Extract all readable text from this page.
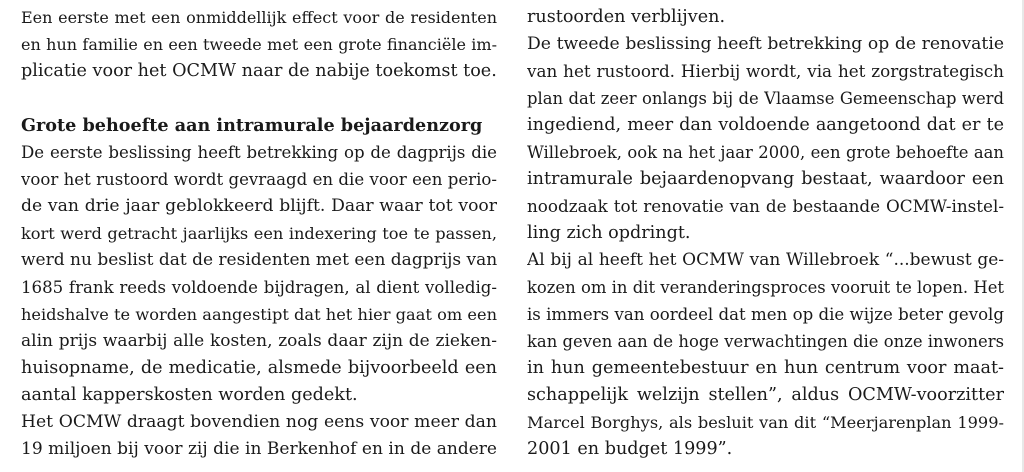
Een eerste met een onmiddellijk effect voor de residenten
en hun familie en een tweede met een grote financiële im-
plicatie voor het OCMW naar de nabije toekomst toe.
Grote behoefte aan intramurale bejaardenzorg
De eerste beslissing heeft betrekking op de dagprijs die
voor het rustoord wordt gevraagd en die voor een perio-
de van drie jaar geblokkeerd blijft. Daar waar tot voor
kort werd getracht jaarlijks een indexering toe te passen,
werd nu beslist dat de residenten met een dagprijs van
1685 frank reeds voldoende bijdragen, al dient volledig-
heidshalve te worden aangestipt dat het hier gaat om een
alin prijs waarbij alle kosten, zoals daar zijn de zieken-
huisopname, de medicatie, alsmede bijvoorbeeld een
aantal kapperskosten worden gedekt.
Het OCMW draagt bovendien nog eens voor meer dan
19 miljoen bij voor zij die in Berkenhof en in de andere
rustoorden verblijven.
De tweede beslissing heeft betrekking op de renovatie
van het rustoord. Hierbij wordt, via het zorgstrategisch
plan dat zeer onlangs bij de Vlaamse Gemeenschap werd
ingediend, meer dan voldoende aangetoond dat er te
Willebroek, ook na het jaar 2000, een grote behoefte aan
intramurale bejaardenopvang bestaat, waardoor een
noodzaak tot renovatie van de bestaande OCMW-instel-
ling zich opdringt.
Al bij al heeft het OCMW van Willebroek “...bewust ge-
kozen om in dit veranderingsproces vooruit te lopen. Het
is immers van oordeel dat men op die wijze beter gevolg
kan geven aan de hoge verwachtingen die onze inwoners
in hun gemeentebestuur en hun centrum voor maat-
schappelijk welzijn stellen”, aldus OCMW-voorzitter
Marcel Borghys, als besluit van dit “Meerjarenplan 1999-
2001 en budget 1999”.
